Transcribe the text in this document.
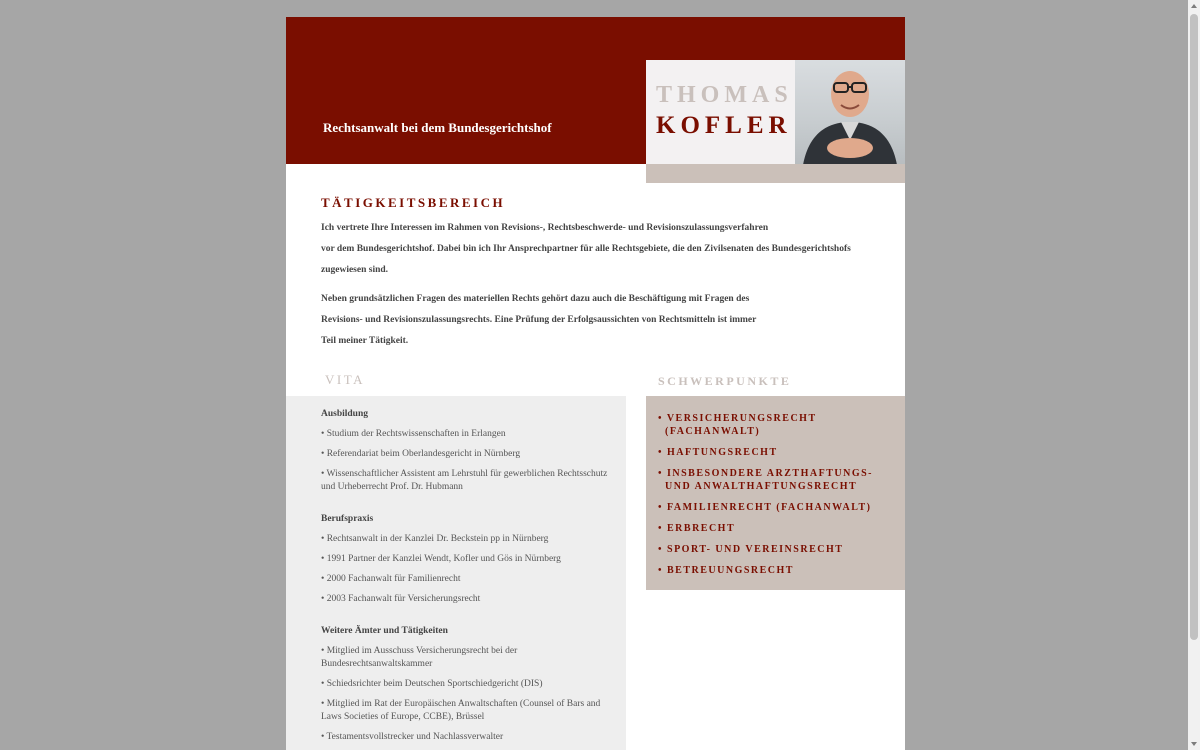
Rechtsanwalt bei dem Bundesgerichtshof
THOMAS
KOFLER
TÄTIGKEITSBEREICH

Ich vertrete Ihre Interessen im Rahmen von Revisions-, Rechtsbeschwerde- und Revisionszulassungsverfahren
vor dem Bundesgerichtshof. Dabei bin ich Ihr Ansprechpartner für alle Rechtsgebiete, die den Zivilsenaten des Bundesgerichtshofs
zugewiesen sind.

Neben grundsätzlichen Fragen des materiellen Rechts gehört dazu auch die Beschäftigung mit Fragen des
Revisions- und Revisionszulassungsrechts. Eine Prüfung der Erfolgsaussichten von Rechtsmitteln ist immer
Teil meiner Tätigkeit.

VITA	SCHWERPUNKTE
Ausbildung
• Studium der Rechtswissenschaften in Erlangen
• Referendariat beim Oberlandesgericht in Nürnberg
• Wissenschaftlicher Assistent am Lehrstuhl für gewerblichen Rechtsschutz und Urheberrecht Prof. Dr. Hubmann
Berufspraxis
• Rechtsanwalt in der Kanzlei Dr. Beckstein pp in Nürnberg
• 1991 Partner der Kanzlei Wendt, Kofler und Gös in Nürnberg
• 2000 Fachanwalt für Familienrecht
• 2003 Fachanwalt für Versicherungsrecht
Weitere Ämter und Tätigkeiten
• Mitglied im Ausschuss Versicherungsrecht bei der Bundesrechtsanwaltskammer
• Schiedsrichter beim Deutschen Sportschiedgericht (DIS)
• Mitglied im Rat der Europäischen Anwaltschaften (Counsel of Bars and Laws Societies of Europe, CCBE), Brüssel
• Testamentsvollstrecker und Nachlassverwalter
• VERSICHERUNGSRECHT (FACHANWALT)
• HAFTUNGSRECHT
• INSBESONDERE ARZTHAFTUNGS- UND ANWALTHAFTUNGSRECHT
• FAMILIENRECHT (FACHANWALT)
• ERBRECHT
• SPORT- UND VEREINSRECHT
• BETREUUNGSRECHT
